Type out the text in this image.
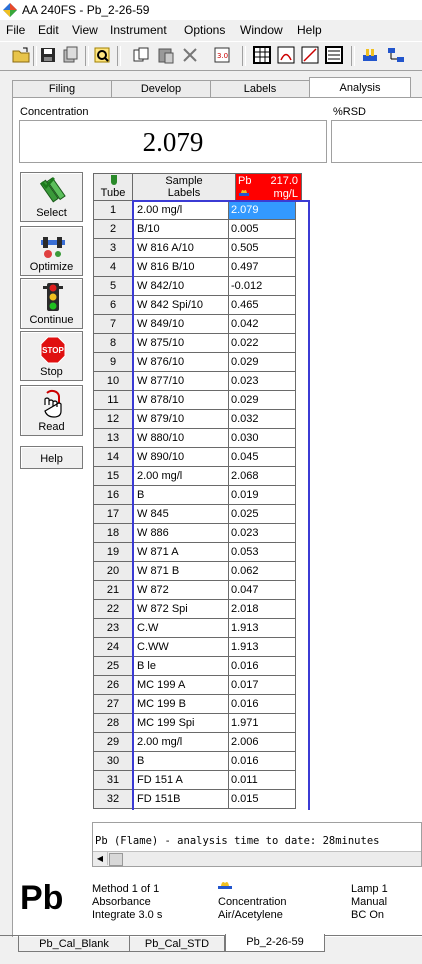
AA 240FS - Pb_2-26-59
File Edit View Instrument Options Window Help
3.0
Filing	Develop	Labels	Analysis
Concentration
2.079
%RSD
Select
Optimize
Continue
STOP
Stop
Read
Help
Tube
Sample
Labels
Pb 217.0
mg/L
1	2.00 mg/l	2.079
2	B/10	0.005
3	W 816 A/10	0.505
4	W 816 B/10	0.497
5	W 842/10	-0.012
6	W 842 Spi/10	0.465
7	W 849/10	0.042
8	W 875/10	0.022
9	W 876/10	0.029
10	W 877/10	0.023
11	W 878/10	0.029
12	W 879/10	0.032
13	W 880/10	0.030
14	W 890/10	0.045
15	2.00 mg/l	2.068
16	B	0.019
17	W 845	0.025
18	W 886	0.023
19	W 871 A	0.053
20	W 871 B	0.062
21	W 872	0.047
22	W 872 Spi	2.018
23	C.W	1.913
24	C.WW	1.913
25	B le	0.016
26	MC 199 A	0.017
27	MC 199 B	0.016
28	MC 199 Spi	1.971
29	2.00 mg/l	2.006
30	B	0.016
31	FD 151 A	0.011
32	FD 151B	0.015
Pb (Flame) - analysis time to date: 28minutes
◀
Pb	Method 1 of 1
Absorbance
Integrate 3.0 s
Concentration
Air/Acetylene
Lamp 1
Manual
BC On
Pb_Cal_Blank	Pb_Cal_STD	Pb_2-26-59
